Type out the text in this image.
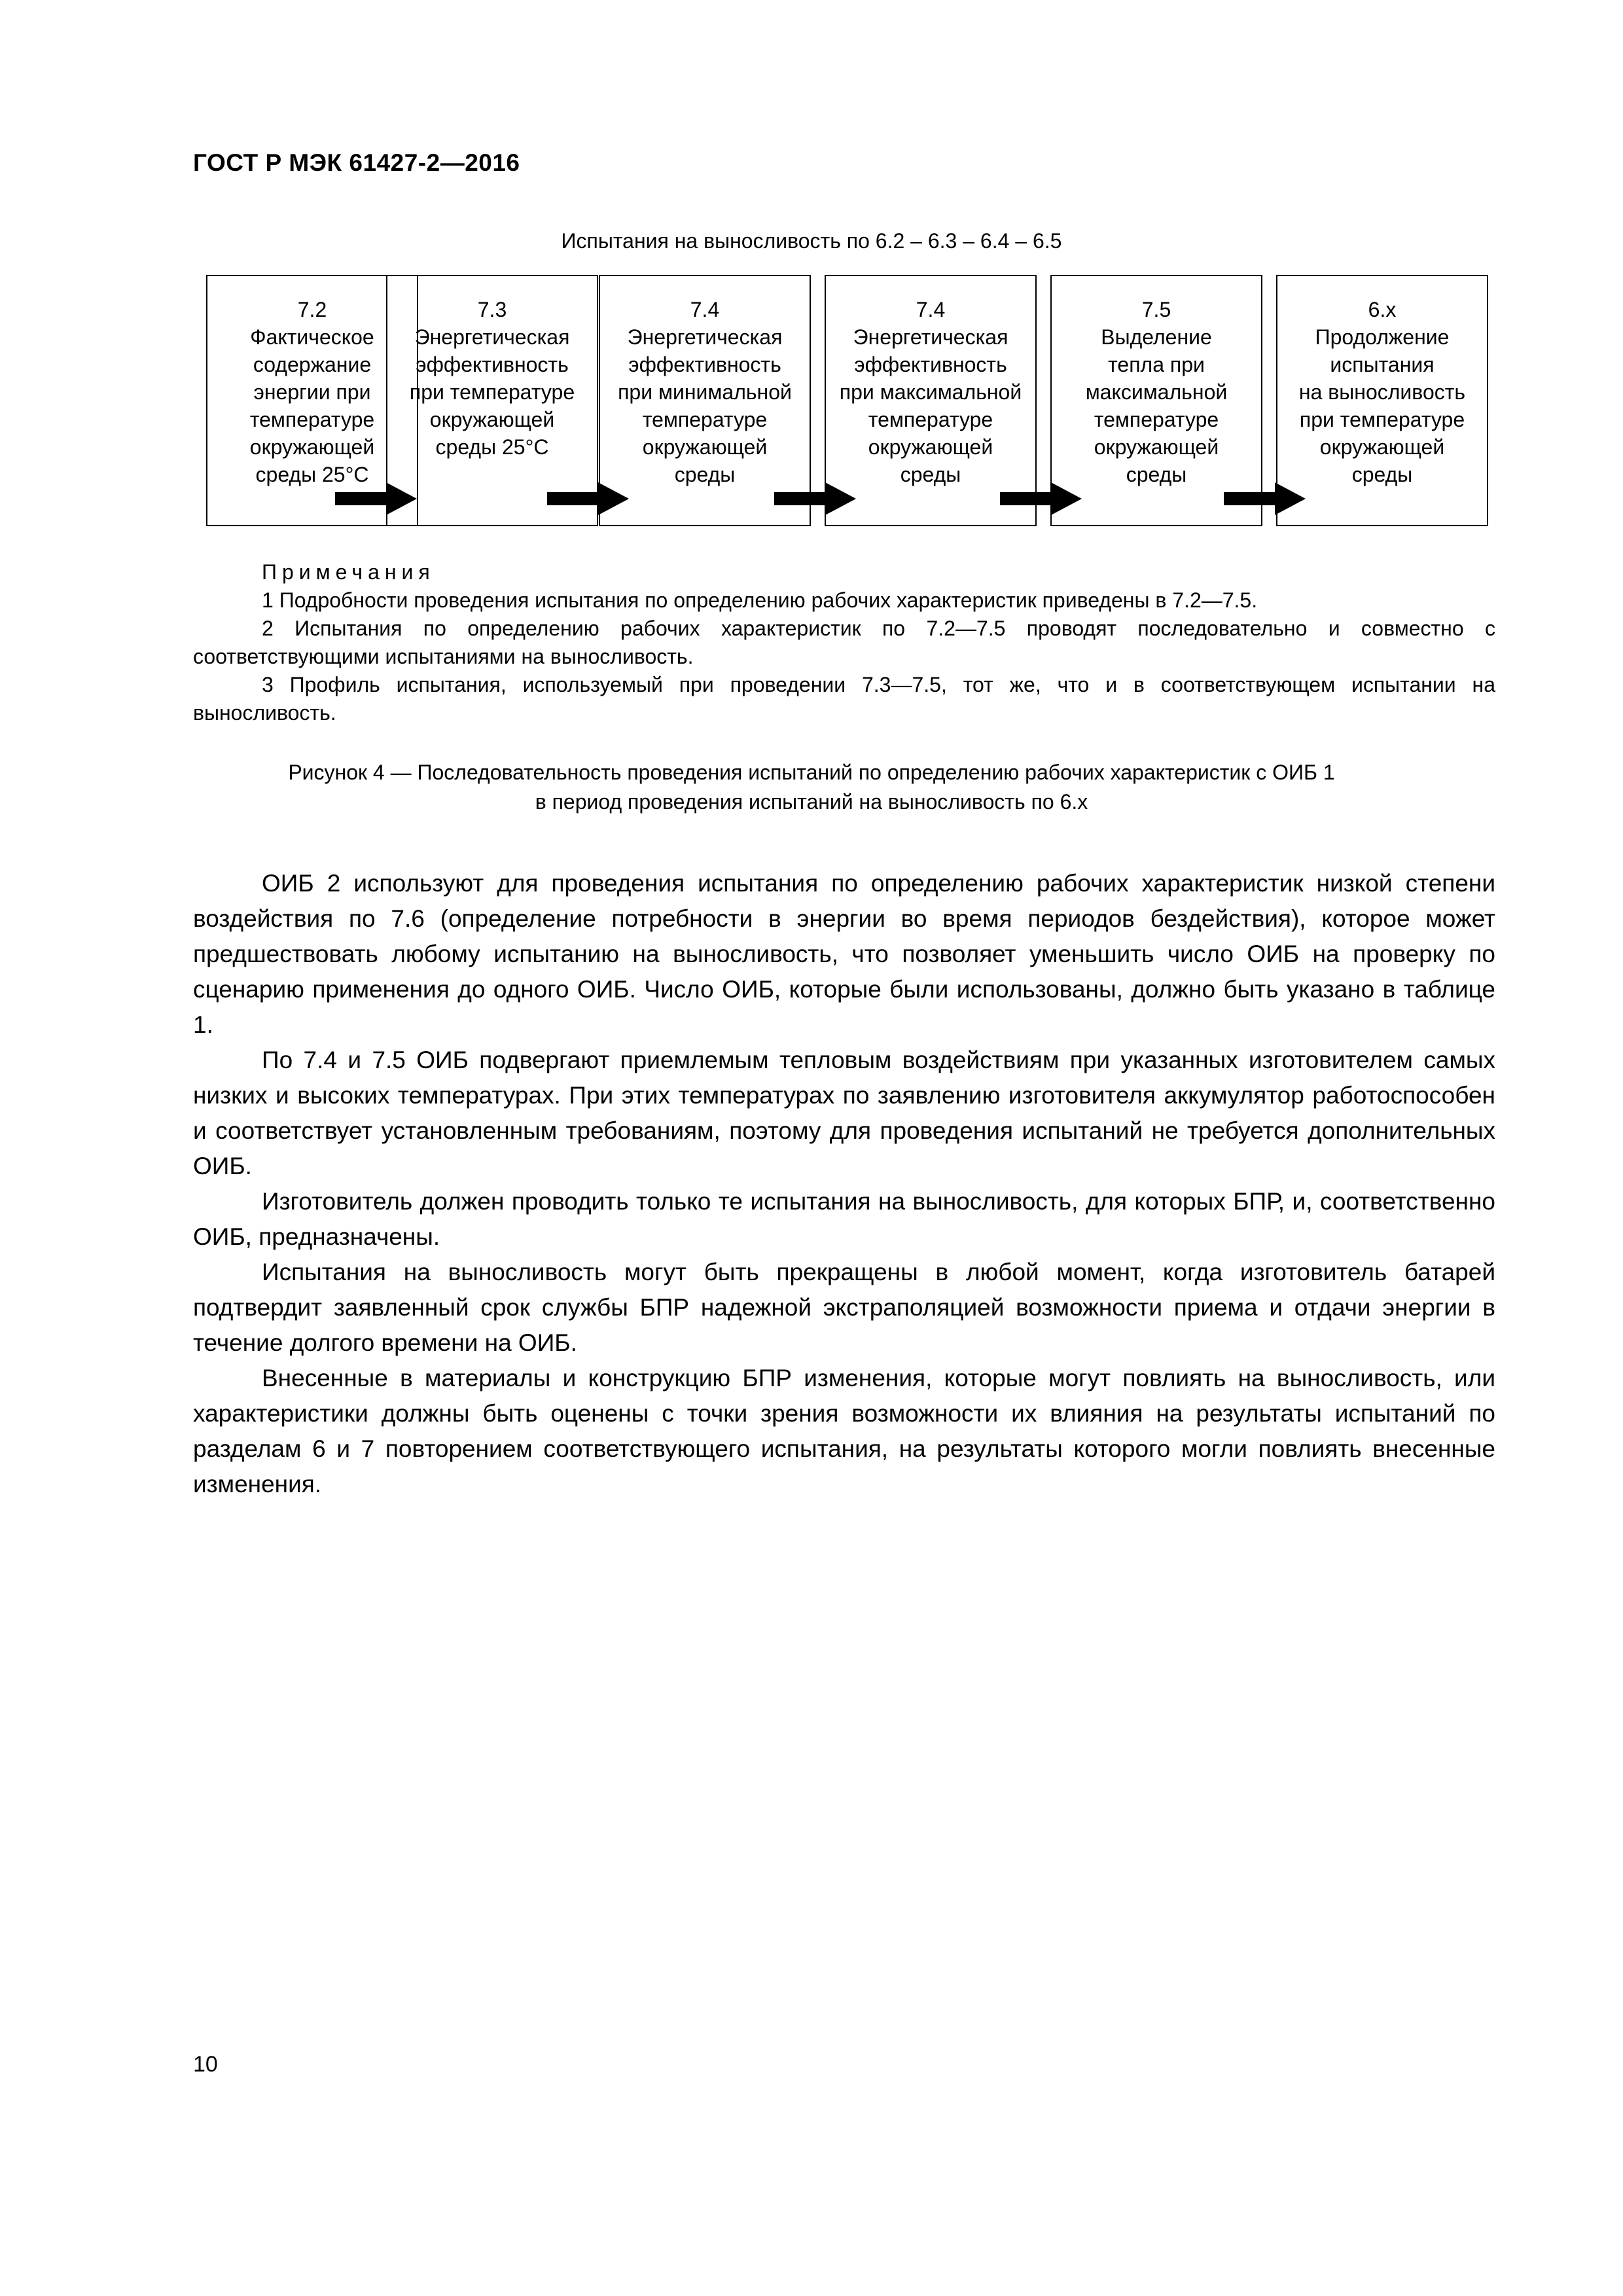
ГОСТ Р МЭК 61427-2—2016
Испытания на выносливость по 6.2 – 6.3 – 6.4 – 6.5
7.2
Фактическое
содержание
энергии при
температуре
окружающей
среды 25°С
7.3
Энергетическая
эффективность
при температуре
окружающей
среды 25°С
7.4
Энергетическая
эффективность
при минимальной
температуре
окружающей
среды
7.4
Энергетическая
эффективность
при максимальной
температуре
окружающей
среды
7.5
Выделение
тепла при
максимальной
температуре
окружающей
среды
6.x
Продолжение
испытания
на выносливость
при температуре
окружающей
среды

Примечания

1 Подробности проведения испытания по определению рабочих характеристик приведены в 7.2—7.5.

2 Испытания по определению рабочих характеристик по 7.2—7.5 проводят последовательно и совместно с соответствующими испытаниями на выносливость.

3 Профиль испытания, используемый при проведении 7.3—7.5, тот же, что и в соответствующем испытании на выносливость.

Рисунок 4 — Последовательность проведения испытаний по определению рабочих характеристик с ОИБ 1
в период проведения испытаний на выносливость по 6.х

ОИБ 2 используют для проведения испытания по определению рабочих характеристик низкой степени воздействия по 7.6 (определение потребности в энергии во время периодов бездействия), которое может предшествовать любому испытанию на выносливость, что позволяет уменьшить число ОИБ на проверку по сценарию применения до одного ОИБ. Число ОИБ, которые были использованы, должно быть указано в таблице 1.

По 7.4 и 7.5 ОИБ подвергают приемлемым тепловым воздействиям при указанных изготовителем самых низких и высоких температурах. При этих температурах по заявлению изготовителя аккумулятор работоспособен и соответствует установленным требованиям, поэтому для проведения испытаний не требуется дополнительных ОИБ.

Изготовитель должен проводить только те испытания на выносливость, для которых БПР, и, соответственно ОИБ, предназначены.

Испытания на выносливость могут быть прекращены в любой момент, когда изготовитель батарей подтвердит заявленный срок службы БПР надежной экстраполяцией возможности приема и отдачи энергии в течение долгого времени на ОИБ.

Внесенные в материалы и конструкцию БПР изменения, которые могут повлиять на выносливость, или характеристики должны быть оценены с точки зрения возможности их влияния на результаты испытаний по разделам 6 и 7 повторением соответствующего испытания, на результаты которого могли повлиять внесенные изменения.

10
